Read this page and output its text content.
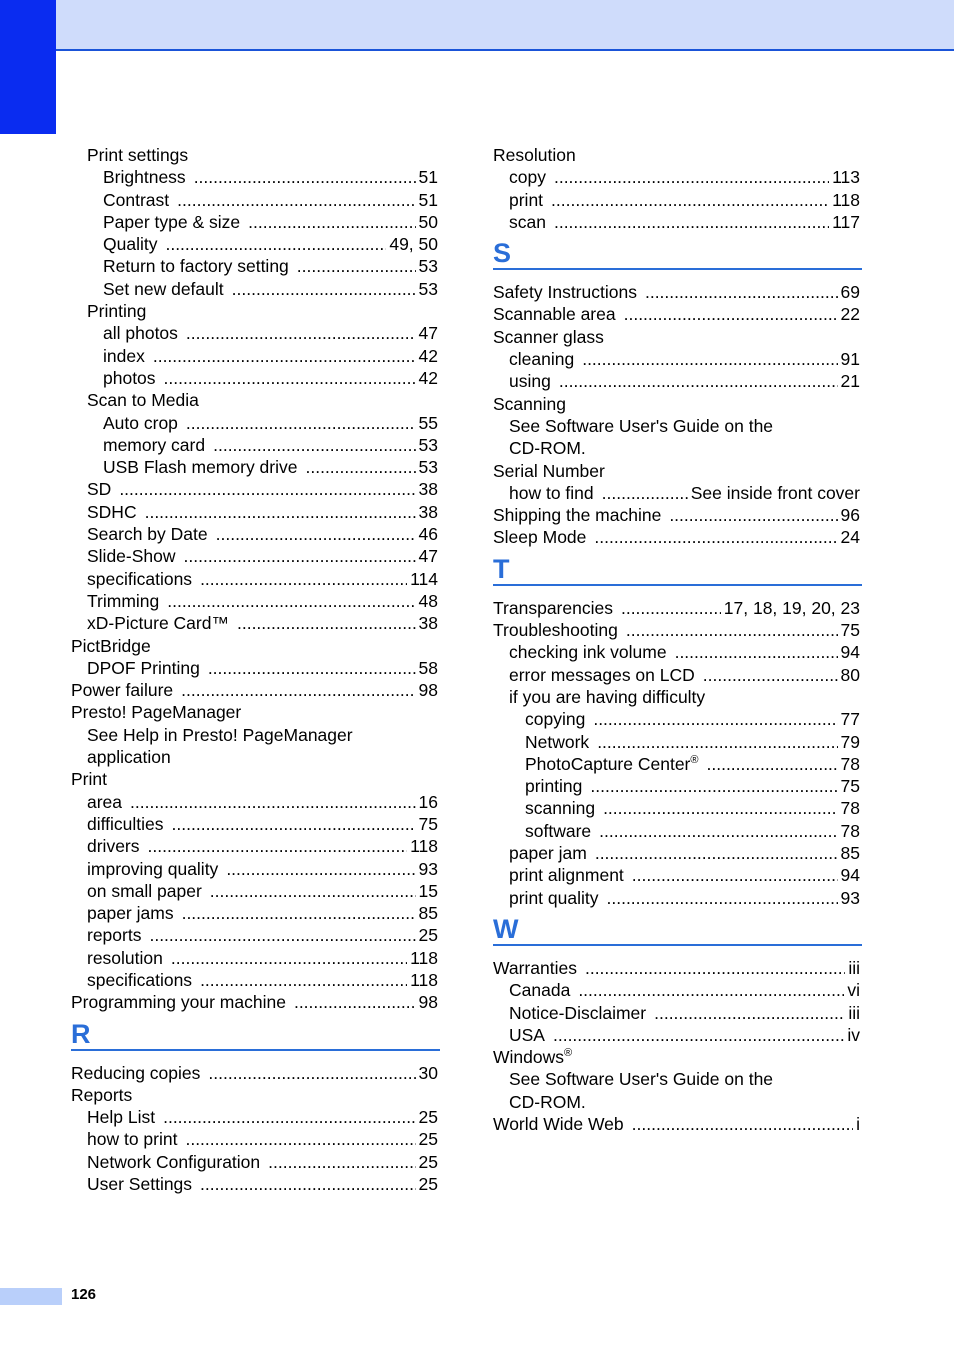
Print settings
Brightness .....	51
Contrast .....	51
Paper type & size .....	50
Quality .....	49, 50
Return to factory setting .....	53
Set new default .....	53
Printing
all photos .....	47
index .....	42
photos .....	42
Scan to Media
Auto crop .....	55
memory card .....	53
USB Flash memory drive .....	53
SD .....	38
SDHC .....	38
Search by Date .....	46
Slide-Show .....	47
specifications .....	114
Trimming .....	48
xD-Picture Card™ .....	38
PictBridge
DPOF Printing .....	58
Power failure .....	98
Presto! PageManager
See Help in Presto! PageManager
application
Print
area .....	16
difficulties .....	75
drivers .....	118
improving quality .....	93
on small paper .....	15
paper jams .....	85
reports .....	25
resolution .....	118
specifications .....	118
Programming your machine .....	98
R
Reducing copies .....	30
Reports
Help List .....	25
how to print .....	25
Network Configuration .....	25
User Settings .....	25
Resolution
copy .....	113
print .....	118
scan .....	117
S
Safety Instructions .....	69
Scannable area .....	22
Scanner glass
cleaning .....	91
using .....	21
Scanning
See Software User's Guide on the
CD-ROM.
Serial Number
how to find .....	See inside front cover
Shipping the machine .....	96
Sleep Mode .....	24
T
Transparencies .....	17, 18, 19, 20, 23
Troubleshooting .....	75
checking ink volume .....	94
error messages on LCD .....	80
if you are having difficulty
copying .....	77
Network .....	79
PhotoCapture Center® .....	78
printing .....	75
scanning .....	78
software .....	78
paper jam .....	85
print alignment .....	94
print quality .....	93
W
Warranties .....	iii
Canada .....	vi
Notice-Disclaimer .....	iii
USA .....	iv
Windows®
See Software User's Guide on the
CD-ROM.
World Wide Web .....	i
126
